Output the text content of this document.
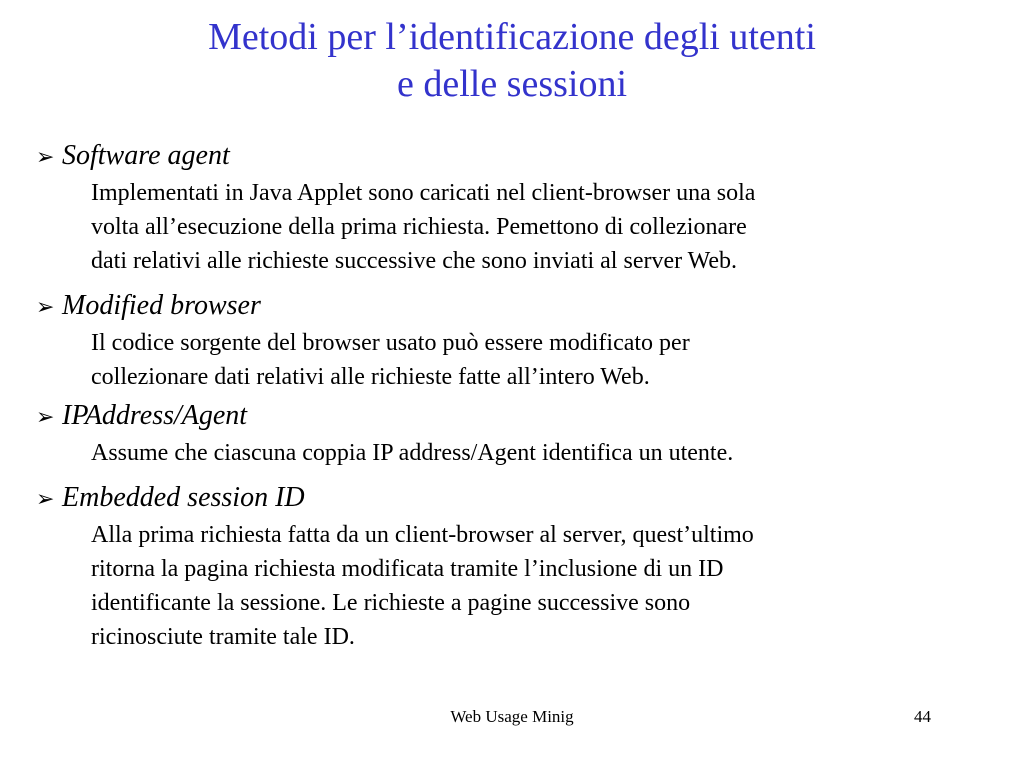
Metodi per l’identificazione degli utenti
e delle sessioni
➢ Software agent
Implementati in Java Applet sono caricati nel client-browser una sola
volta all’esecuzione della prima richiesta. Pemettono di collezionare
dati relativi alle richieste successive che sono inviati al server Web.
➢ Modified browser
Il codice sorgente del browser usato può essere modificato per
collezionare dati relativi alle richieste fatte all’intero Web.
➢ IPAddress/Agent
Assume che ciascuna coppia IP address/Agent identifica un utente.
➢ Embedded session ID
Alla prima richiesta fatta da un client-browser al server, quest’ultimo
ritorna la pagina richiesta modificata tramite l’inclusione di un ID
identificante la sessione. Le richieste a pagine successive sono
ricinosciute tramite tale ID.
Web Usage Minig	44
